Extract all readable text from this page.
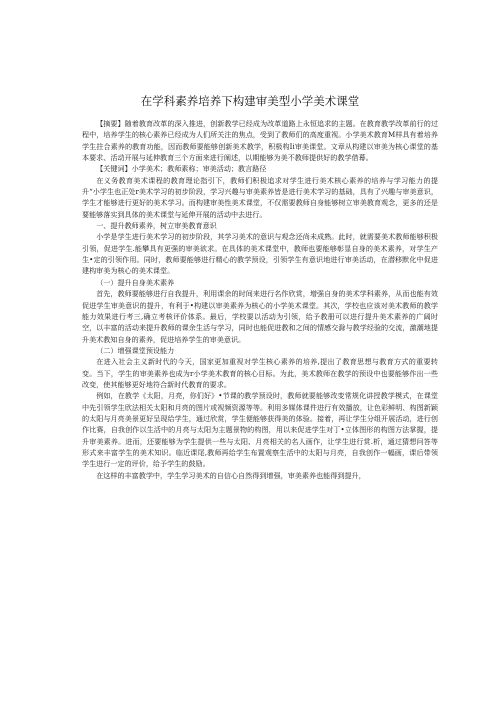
在学科素养培养下构建审美型小学美术课堂

【摘要】随着教育改革的深入推进，创新教学已经成为改革道路上永恒追求的主题。在教育教学改革前行的过程中，培养学生的核心素养已经成为人们所关注的焦点，受到了教师们的高度重视。小学美术教育M样具有着培养学生拄合素养的教育功能，因而教师要能够创新美术教学，积极构Ii审美课堂。文章从构建以审美为核心课堂的基本要求、活动开展与延伸教育三个方面来进行阐述，以期能够为美不教师提供好的教学借幕。

【关键词】小学美术；教师素称；审美活动；教言路径

在义务教育美术课程的教育理论指引下，教师们积极追求对学生进行美术核心素养的培养与学习能力的提升“小学生也正处r美术学习的初步阶段，学习兴趣与审美素养皆是进行美术学习的基础，具有了兴趣与审美意识，学生才能够进行更好的美术学习。而构建审美性美术课堂，不仅需要教师自身能够树立审美教育观念，更多的还是要能够落实到具体的美术课堂与延伸开展的活动中去进行。

一、提升教师素养，树立审美教育意识

小学是学生进行美术学习的初步阶段，其学习美术的意识与观念还尚未成熟。此时，就需要美术教师能够积极引领，促进学生.能攀具有更强的审美欲求。在具体的美术课堂中，教师也要能够彰显自身的美术素养，对学生产生•定的引领作用。同时，教师要能够进行精心的教学预设，引领学生有意识地进行审美活动，在潜移默化中促进建构审美为核心的美术课堂。

（一）提升自身美术素养

首先，教师要能够进行自我提升，利用课余的时间来进行名作欣赏，增强自身的美术学科素养，从而也能有效促进学生审美意识的提升，有利于•构建以审美素养为核心的小学美术课堂。其次，学校也应该对美术教师的教学能力效果进行考三,确立考核评价体系。最后，学校要以活动为引领，给予教册可以进行提升美术素养的广阔时空，以丰富的活动来提升教师的课余生活与学习，同时也能促进教和之间的情感交滁与教学经验的交流，激潮地提升美术教知自身的素养，促进培养学生的审美意识。

（二）增强课堂预设能力

在进入社会主义新时代的今天，国家更加重视对学生核心素养的培养,提出了教育思想与教育方式的重要转变。当下，学生的审美素养也成为r小学美术教育的核心目标。为此，美术教师在教学的预设中也要能够作出一些改变，使其能够更好地符合新时代教育的要求。

例如，在教学《太阳，月亮，你们好》•节课的教学预设时，教师就要能够改变常规化讲授教学模式，在课堂中先引领学生欣法相关太阳和月亮的图片或视频资源等等。利用多媒体课件进行有效播放，让色彩鲜明、构图新颖的太阳与月亮美景更好呈现给学生，通过欣赏，学生便能够获得美的体验。接着，再让学生分组开展活动，进行创作比赛，自我创作以生活中的月亮与太阳为主题景物的构图，用以来促进学生对丁•立体图形的构图方法掌握，提升审美素养。进而，还要能够为学生提供一些与太阳、月亮相关的名人画作，让学生进行赏.析，通过猜想问答等形式来丰富学生的美术知识。临近课尾,教师再给学生布置观察生活中的太阳与月亮，自我创作一幅画，课后带领学生进行一定的评价，给予学生的鼓励。

在这样的丰富教学中，学生学习美术的自信心自然得到增强，审美素养也能得到提升，
